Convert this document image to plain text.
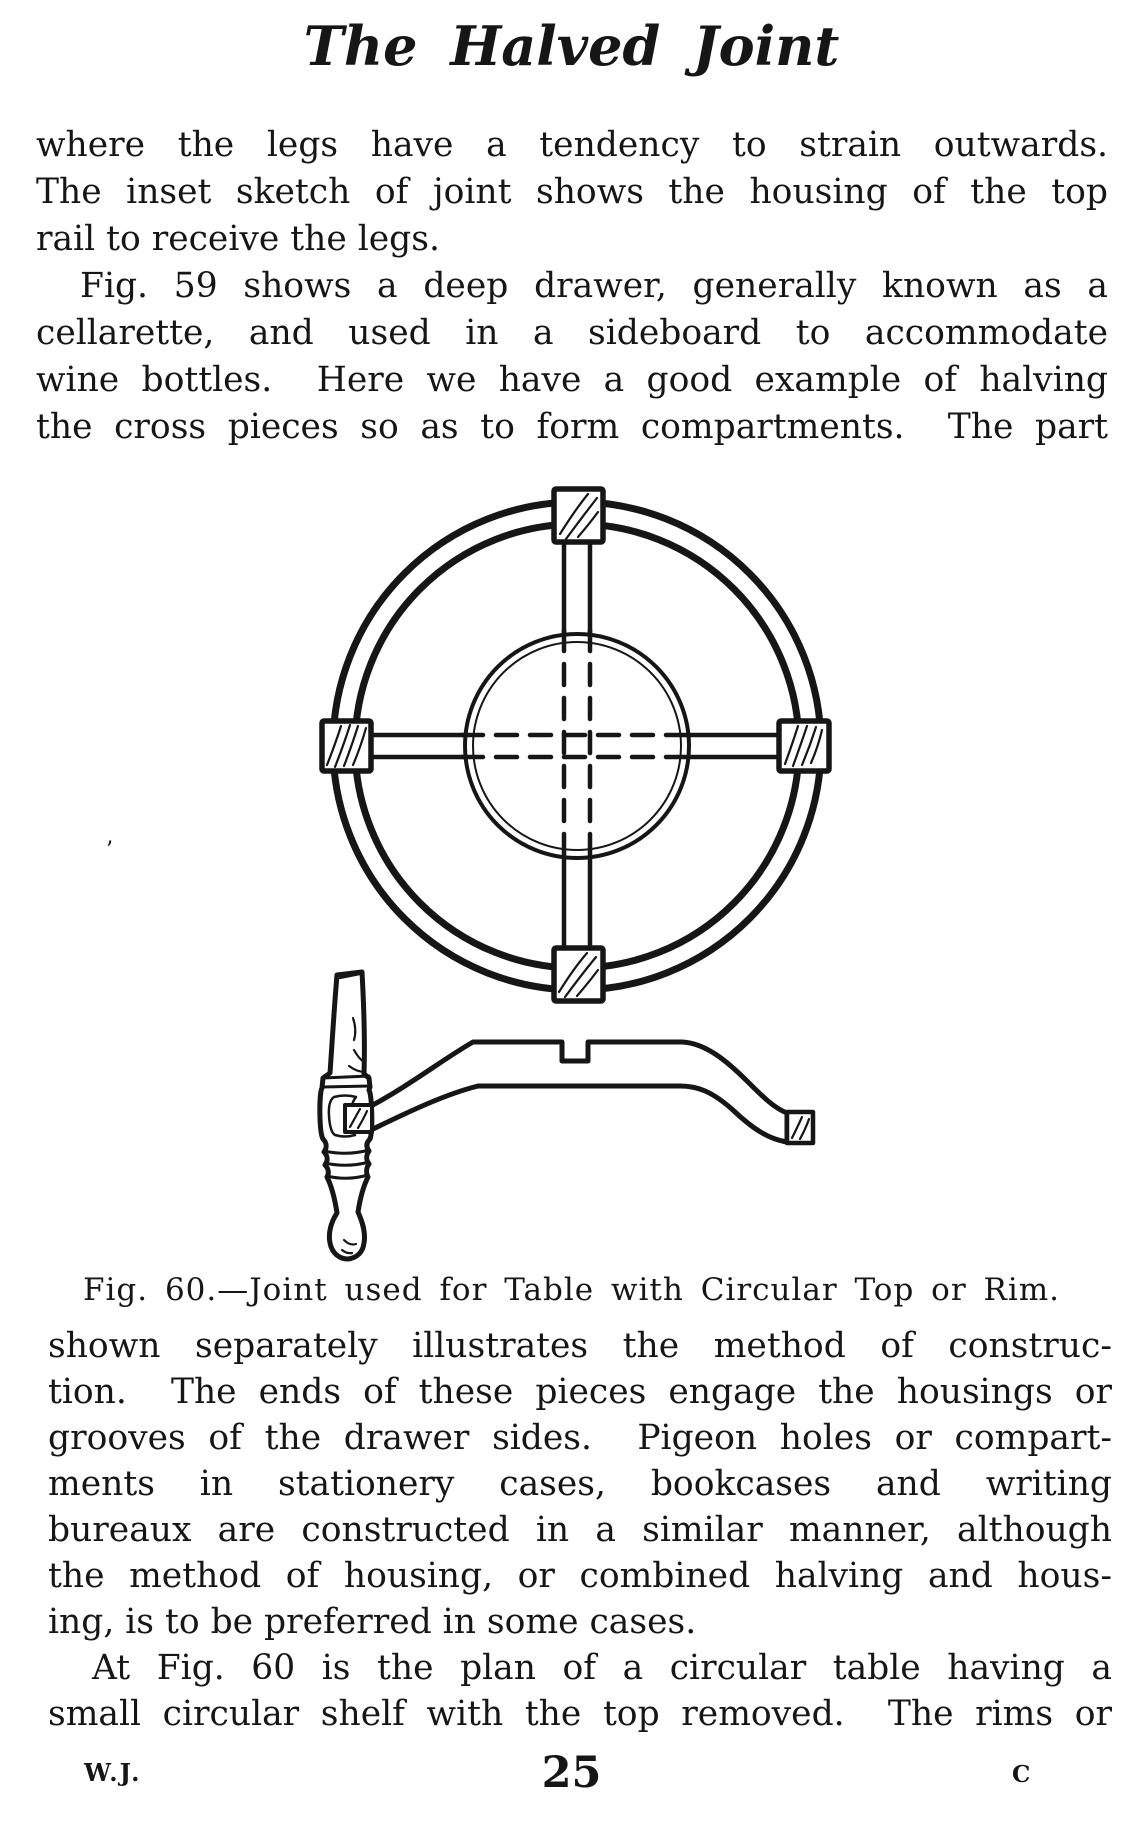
The Halved Joint
where the legs have a tendency to strain outwards.
The inset sketch of joint shows the housing of the top
rail to receive the legs.
Fig. 59 shows a deep drawer, generally known as a
cellarette, and used in a sideboard to accommodate
wine bottles.  Here we have a good example of halving
the cross pieces so as to form compartments.  The part
Fig. 60.—Joint used for Table with Circular Top or Rim.
shown separately illustrates the method of construc-
tion.  The ends of these pieces engage the housings or
grooves of the drawer sides.  Pigeon holes or compart-
ments in stationery cases, bookcases and writing
bureaux are constructed in a similar manner, although
the method of housing, or combined halving and hous-
ing, is to be preferred in some cases.
At Fig. 60 is the plan of a circular table having a
small circular shelf with the top removed.  The rims or
’
W.J.	25	C
